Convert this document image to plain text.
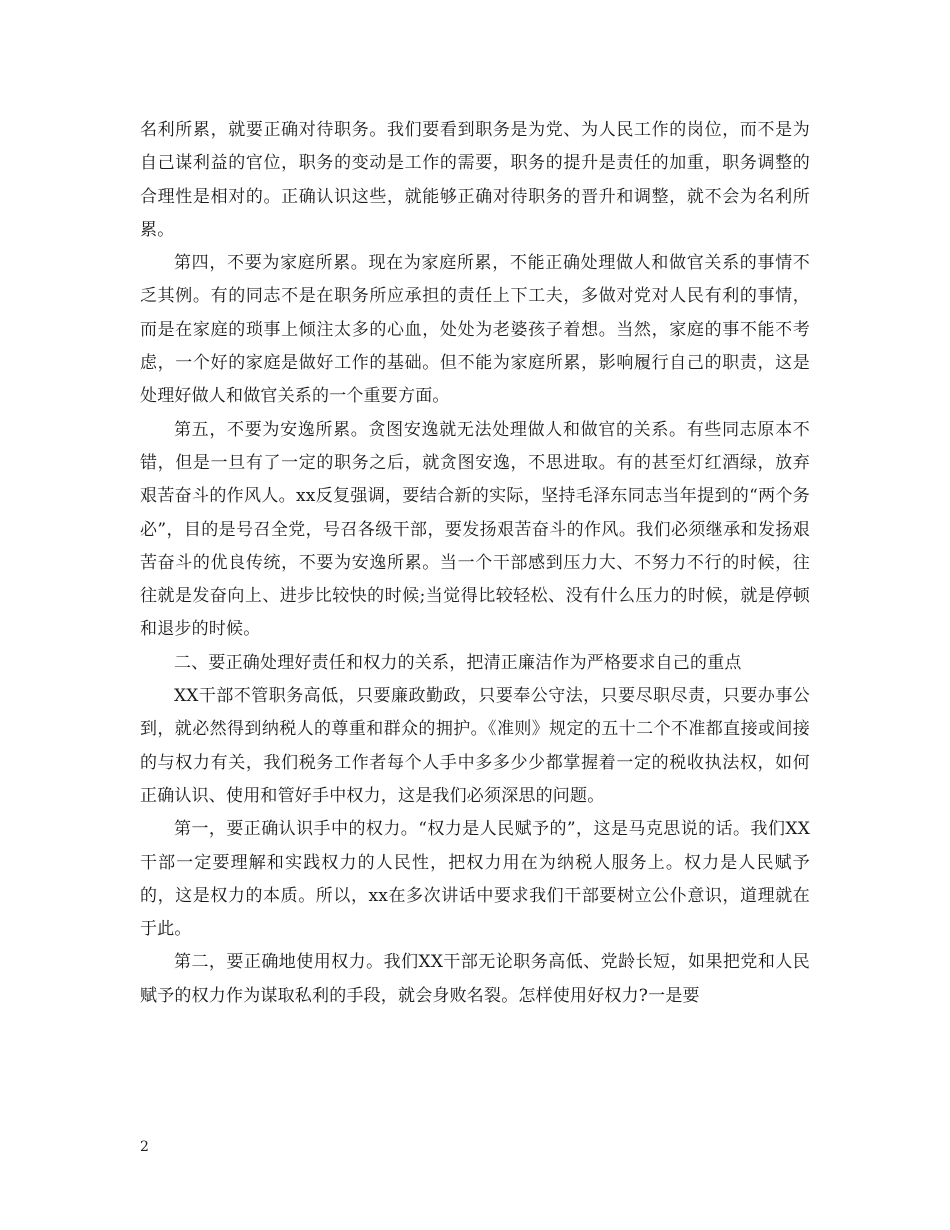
名利所累，就要正确对待职务。我们要看到职务是为党、为人民工作的岗位，而不是为自己谋利益的官位，职务的变动是工作的需要，职务的提升是责任的加重，职务调整的合理性是相对的。正确认识这些，就能够正确对待职务的晋升和调整，就不会为名利所累。

第四，不要为家庭所累。现在为家庭所累，不能正确处理做人和做官关系的事情不乏其例。有的同志不是在职务所应承担的责任上下工夫，多做对党对人民有利的事情，而是在家庭的琐事上倾注太多的心血，处处为老婆孩子着想。当然，家庭的事不能不考虑，一个好的家庭是做好工作的基础。但不能为家庭所累，影响履行自己的职责，这是处理好做人和做官关系的一个重要方面。

第五，不要为安逸所累。贪图安逸就无法处理做人和做官的关系。有些同志原本不错，但是一旦有了一定的职务之后，就贪图安逸，不思进取。有的甚至灯红酒绿，放弃艰苦奋斗的作风人。xx反复强调，要结合新的实际，坚持毛泽东同志当年提到的“两个务必”，目的是号召全党，号召各级干部，要发扬艰苦奋斗的作风。我们必须继承和发扬艰苦奋斗的优良传统，不要为安逸所累。当一个干部感到压力大、不努力不行的时候，往往就是发奋向上、进步比较快的时候;当觉得比较轻松、没有什么压力的时候，就是停顿和退步的时候。

二、要正确处理好责任和权力的关系，把清正廉洁作为严格要求自己的重点

XX干部不管职务高低，只要廉政勤政，只要奉公守法，只要尽职尽责，只要办事公到，就必然得到纳税人的尊重和群众的拥护。《准则》规定的五十二个不准都直接或间接的与权力有关，我们税务工作者每个人手中多多少少都掌握着一定的税收执法权，如何正确认识、使用和管好手中权力，这是我们必须深思的问题。

第一，要正确认识手中的权力。“权力是人民赋予的”，这是马克思说的话。我们XX干部一定要理解和实践权力的人民性，把权力用在为纳税人服务上。权力是人民赋予的，这是权力的本质。所以，xx在多次讲话中要求我们干部要树立公仆意识，道理就在于此。

第二，要正确地使用权力。我们XX干部无论职务高低、党龄长短，如果把党和人民赋予的权力作为谋取私利的手段，就会身败名裂。怎样使用好权力?一是要

2
